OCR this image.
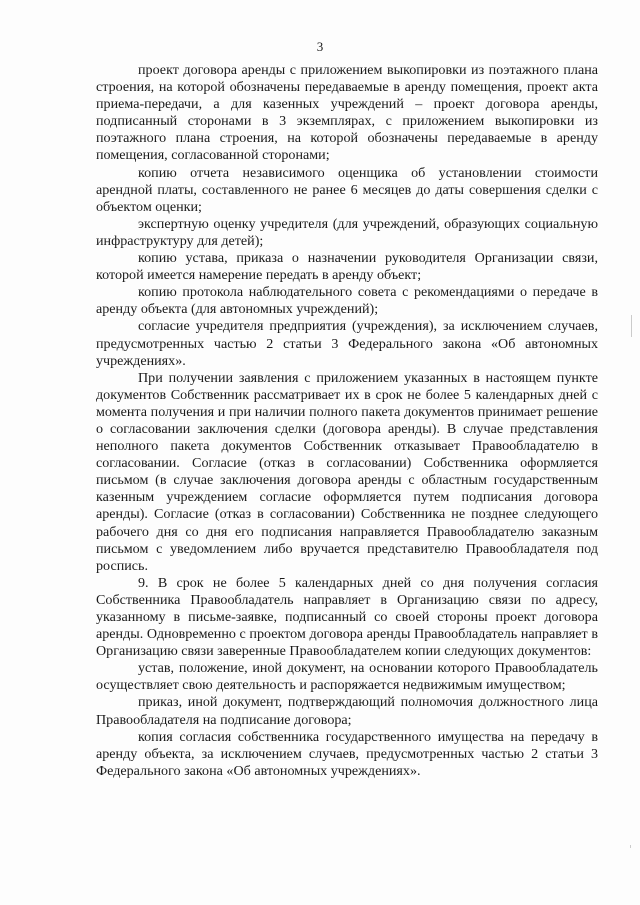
3

проект договора аренды с приложением выкопировки из поэтажного плана строения, на которой обозначены передаваемые в аренду помещения, проект акта приема-передачи, а для казенных учреждений – проект договора аренды, подписанный сторонами в 3 экземплярах, с приложением выкопировки из поэтажного плана строения, на которой обозначены передаваемые в аренду помещения, согласованной сторонами;

копию отчета независимого оценщика об установлении стоимости арендной платы, составленного не ранее 6 месяцев до даты совершения сделки с объектом оценки;

экспертную оценку учредителя (для учреждений, образующих социальную инфраструктуру для детей);

копию устава, приказа о назначении руководителя Организации связи, которой имеется намерение передать в аренду объект;

копию протокола наблюдательного совета с рекомендациями о передаче в аренду объекта (для автономных учреждений);

согласие учредителя предприятия (учреждения), за исключением случаев, предусмотренных частью 2 статьи 3 Федерального закона «Об автономных учреждениях».

При получении заявления с приложением указанных в настоящем пункте документов Собственник рассматривает их в срок не более 5 календарных дней с момента получения и при наличии полного пакета документов принимает решение о согласовании заключения сделки (договора аренды). В случае представления неполного пакета документов Собственник отказывает Правообладателю в согласовании. Согласие (отказ в согласовании) Собственника оформляется письмом (в случае заключения договора аренды с областным государственным казенным учреждением согласие оформляется путем подписания договора аренды). Согласие (отказ в согласовании) Собственника не позднее следующего рабочего дня со дня его подписания направляется Правообладателю заказным письмом с уведомлением либо вручается представителю Правообладателя под роспись.

9. В срок не более 5 календарных дней со дня получения согласия Собственника Правообладатель направляет в Организацию связи по адресу, указанному в письме-заявке, подписанный со своей стороны проект договора аренды. Одновременно с проектом договора аренды Правообладатель направляет в Организацию связи заверенные Правообладателем копии следующих документов:

устав, положение, иной документ, на основании которого Правообладатель осуществляет свою деятельность и распоряжается недвижимым имуществом;

приказ, иной документ, подтверждающий полномочия должностного лица Правообладателя на подписание договора;

копия согласия собственника государственного имущества на передачу в аренду объекта, за исключением случаев, предусмотренных частью 2 статьи 3 Федерального закона «Об автономных учреждениях».
